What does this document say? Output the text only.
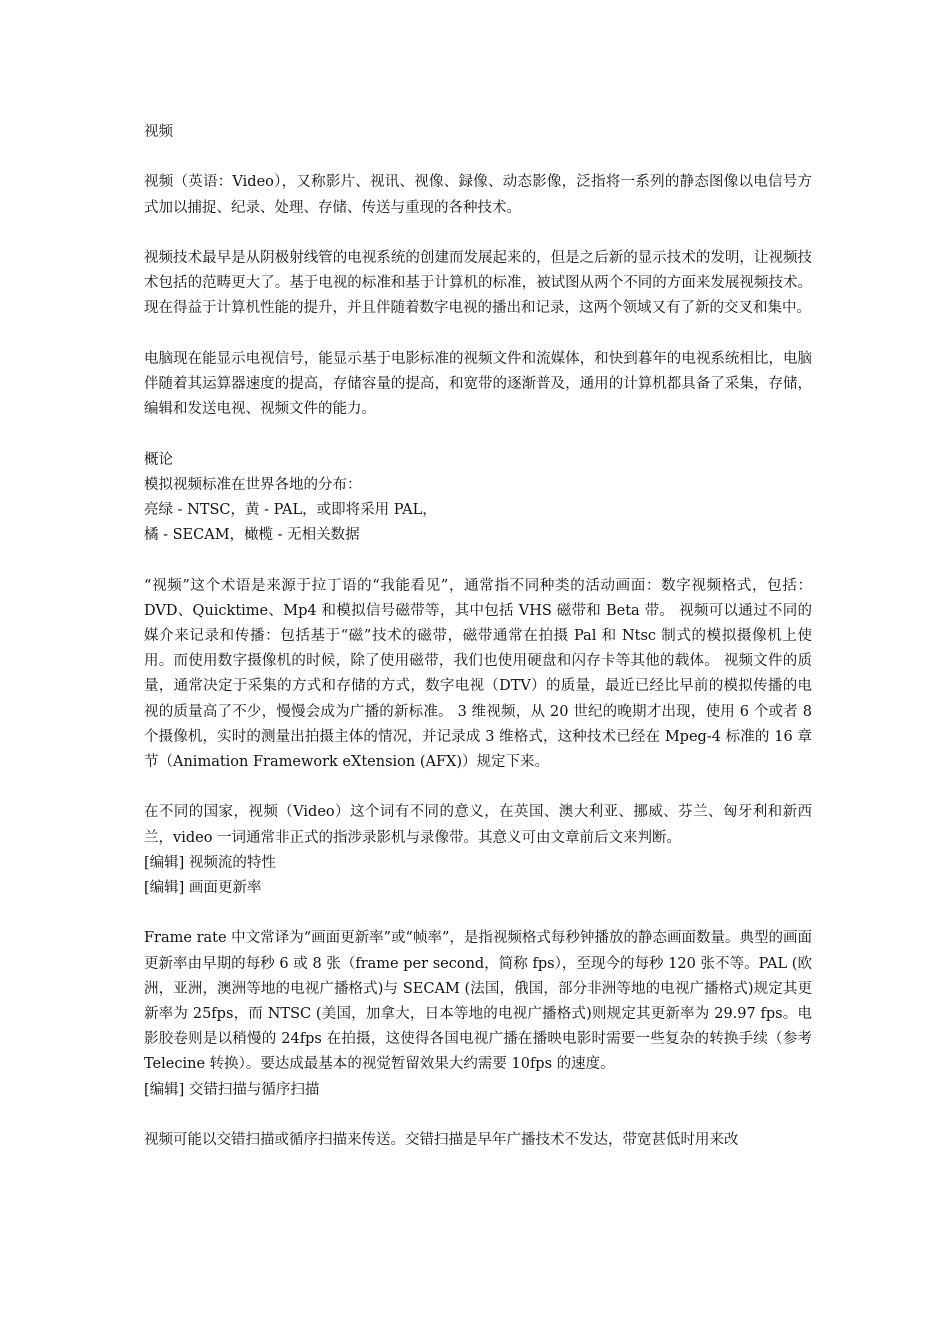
视频

视频（英语：Video），又称影片、视讯、视像、録像、动态影像，泛指将一系列的静态图像以电信号方式加以捕捉、纪录、处理、存储、传送与重现的各种技术。

视频技术最早是从阴极射线管的电视系统的创建而发展起来的，但是之后新的显示技术的发明，让视频技术包括的范畴更大了。基于电视的标准和基于计算机的标准，被试图从两个不同的方面来发展视频技术。现在得益于计算机性能的提升，并且伴随着数字电视的播出和记录，这两个领域又有了新的交叉和集中。

电脑现在能显示电视信号，能显示基于电影标准的视频文件和流媒体，和快到暮年的电视系统相比，电脑伴随着其运算器速度的提高，存储容量的提高，和宽带的逐渐普及，通用的计算机都具备了采集，存储，编辑和发送电视、视频文件的能力。

概论
模拟视频标准在世界各地的分布：
亮绿 - NTSC，黄 - PAL，或即将采用 PAL，
橘 - SECAM，橄榄 - 无相关数据

“视频”这个术语是来源于拉丁语的“我能看见”，通常指不同种类的活动画面：数字视频格式，包括：DVD、Quicktime、Mp4 和模拟信号磁带等，其中包括 VHS 磁带和 Beta 带。 视频可以通过不同的媒介来记录和传播：包括基于“磁”技术的磁带，磁带通常在拍摄 Pal 和 Ntsc 制式的模拟摄像机上使用。而使用数字摄像机的时候，除了使用磁带，我们也使用硬盘和闪存卡等其他的载体。 视频文件的质量，通常决定于采集的方式和存储的方式，数字电视（DTV）的质量，最近已经比早前的模拟传播的电视的质量高了不少，慢慢会成为广播的新标准。 3 维视频，从 20 世纪的晚期才出现，使用 6 个或者 8 个摄像机，实时的测量出拍摄主体的情况，并记录成 3 维格式，这种技术已经在 Mpeg-4 标准的 16 章节（Animation Framework eXtension (AFX)）规定下来。

在不同的国家，视频（Video）这个词有不同的意义，在英国、澳大利亚、挪威、芬兰、匈牙利和新西兰，video 一词通常非正式的指涉录影机与录像带。其意义可由文章前后文来判断。

[编辑] 视频流的特性
[编辑] 画面更新率

Frame rate 中文常译为“画面更新率”或“帧率”，是指视频格式每秒钟播放的静态画面数量。典型的画面更新率由早期的每秒 6 或 8 张（frame per second，简称 fps），至现今的每秒 120 张不等。PAL (欧洲，亚洲，澳洲等地的电视广播格式)与 SECAM (法国，俄国，部分非洲等地的电视广播格式)规定其更新率为 25fps，而 NTSC (美国，加拿大，日本等地的电视广播格式)则规定其更新率为 29.97 fps。电影胶卷则是以稍慢的 24fps 在拍摄，这使得各国电视广播在播映电影时需要一些复杂的转换手续（参考 Telecine 转换）。要达成最基本的视觉暂留效果大约需要 10fps 的速度。

[编辑] 交错扫描与循序扫描

视频可能以交错扫描或循序扫描来传送。交错扫描是早年广播技术不发达，带宽甚低时用来改
